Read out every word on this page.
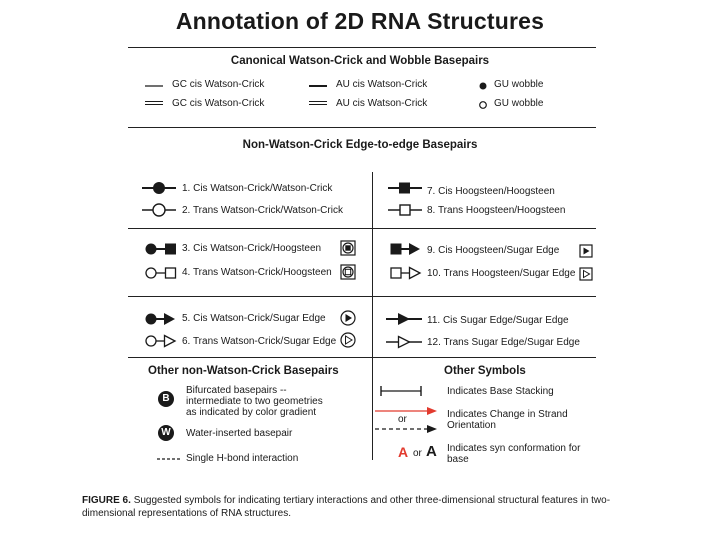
Annotation of 2D RNA Structures
Canonical Watson-Crick and Wobble Basepairs
GC cis Watson-Crick	AU cis Watson-Crick	GU wobble
GC cis Watson-Crick	AU cis Watson-Crick	GU wobble
Non-Watson-Crick Edge-to-edge Basepairs
1. Cis Watson-Crick/Watson-Crick
2. Trans Watson-Crick/Watson-Crick
3. Cis Watson-Crick/Hoogsteen
4. Trans Watson-Crick/Hoogsteen
5. Cis Watson-Crick/Sugar Edge
6. Trans Watson-Crick/Sugar Edge
7. Cis Hoogsteen/Hoogsteen
8. Trans Hoogsteen/Hoogsteen
9. Cis Hoogsteen/Sugar Edge
10. Trans Hoogsteen/Sugar Edge
11. Cis Sugar Edge/Sugar Edge
12. Trans Sugar Edge/Sugar Edge
Other non-Watson-Crick Basepairs
B
Bifurcated basepairs --
intermediate to two geometries
as indicated by color gradient
W	Water-inserted basepair
Single H-bond interaction
Other Symbols
Indicates Base Stacking
or	Indicates Change in Strand
Orientation
A or A Indicates syn conformation for
base
FIGURE 6. Suggested symbols for indicating tertiary interactions and other three-dimensional structural features in two-dimensional representations of RNA structures.
